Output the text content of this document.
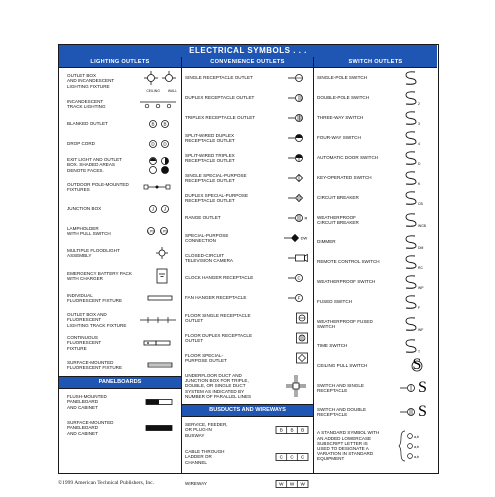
ELECTRICAL SYMBOLS . . .
LIGHTING OUTLETS
OUTLET BOX
AND INCANDESCENT
LIGHTING FIXTURE
CEILING WALL
INCANDESCENT
TRACK LIGHTING
BLANKED OUTLET	B B
DROP CORD	D D
EXIT LIGHT AND OUTLET
BOX. SHADED AREAS
DENOTE FACES.
OUTDOOR POLE-MOUNTED
FIXTURES
JUNCTION BOX	J J
LAMPHOLDER
WITH PULL SWITCH	L PS L PS
MULTIPLE FLOODLIGHT
ASSEMBLY
EMERGENCY BATTERY PACK
WITH CHARGER
INDIVIDUAL
FLUORESCENT FIXTURE
OUTLET BOX AND
FLUORESCENT
LIGHTING TRACK FIXTURE
CONTINUOUS
FLUORESCENT
FIXTURE
SURFACE-MOUNTED
FLUORESCENT FIXTURE
PANELBOARDS
FLUSH-MOUNTED
PANELBOARD
AND CABINET
SURFACE-MOUNTED
PANELBOARD
AND CABINET
CONVENIENCE OUTLETS
SINGLE RECEPTACLE OUTLET
DUPLEX RECEPTACLE OUTLET
TRIPLEX RECEPTACLE OUTLET
SPLIT-WIRED DUPLEX
RECEPTACLE OUTLET
SPLIT-WIRED TRIPLEX
RECEPTACLE OUTLET
SINGLE SPECIAL-PURPOSE
RECEPTACLE OUTLET
DUPLEX SPECIAL-PURPOSE
RECEPTACLE OUTLET
RANGE OUTLET	R
SPECIAL-PURPOSE
CONNECTION	DW
CLOSED-CIRCUIT
TELEVISION CAMERA
CLOCK HANGER RECEPTACLE	C
FAN HANGER RECEPTACLE	F
FLOOR SINGLE RECEPTACLE
OUTLET
FLOOR DUPLEX RECEPTACLE
OUTLET
FLOOR SPECIAL-
PURPOSE OUTLET
UNDERFLOOR DUCT AND
JUNCTION BOX FOR TRIPLE,
DOUBLE, OR SINGLE DUCT
SYSTEM AS INDICATED BY
NUMBER OF PARALLEL LINES
BUSDUCTS AND WIREWAYS
SERVICE, FEEDER,
OR PLUG-IN
BUSWAY
B B B
CABLE THROUGH
LADDER OR
CHANNEL
C C C
WIREWAY	W W W
SWITCH OUTLETS
SINGLE-POLE SWITCH
DOUBLE-POLE SWITCH
2
THREE-WAY SWITCH
3
FOUR-WAY SWITCH
4
AUTOMATIC DOOR SWITCH
D
KEY-OPERATED SWITCH
K
CIRCUIT BREAKER
CB
WEATHERPROOF
CIRCUIT BREAKER
WCB
DIMMER
DM
REMOTE CONTROL SWITCH
RC
WEATHERPROOF SWITCH
WP
FUSED SWITCH
F
WEATHERPROOF FUSED
SWITCH
WF
TIME SWITCH
T
CEILING PULL SWITCH	S
SWITCH AND SINGLE
RECEPTACLE	S
SWITCH AND DOUBLE
RECEPTACLE	S
A STANDARD SYMBOL WITH
AN ADDED LOWERCASE
SUBSCRIPT LETTER IS
USED TO DESIGNATE A
VARIATION IN STANDARD
EQUIPMENT
a,b
a,b
a,b
©1999 American Technical Publishers, Inc.
